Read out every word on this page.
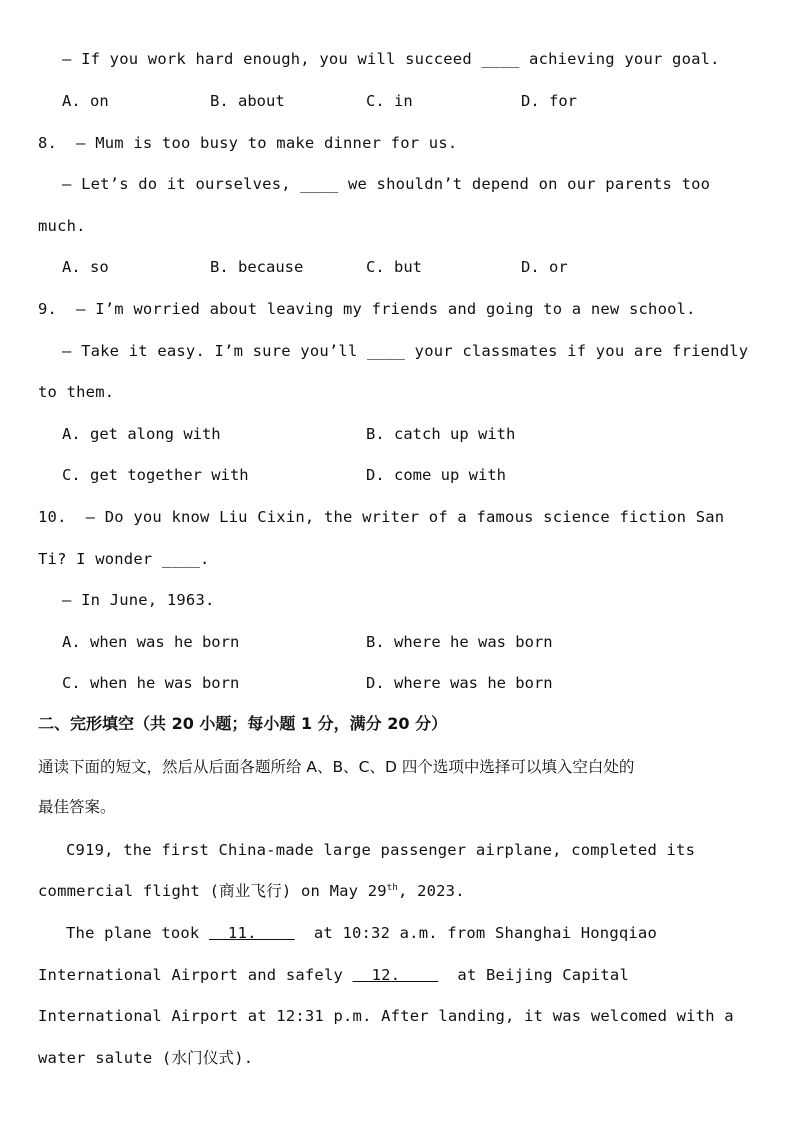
— If you work hard enough, you will succeed ____ achieving your goal.
A. on	B. about	C. in	D. for
8.  — Mum is too busy to make dinner for us.
— Let’s do it ourselves, ____ we shouldn’t depend on our parents too
much.
A. so	B. because	C. but	D. or
9.  — I’m worried about leaving my friends and going to a new school.
— Take it easy. I’m sure you’ll ____ your classmates if you are friendly
to them.
A. get along with	B. catch up with
C. get together with	D. come up with
10.  — Do you know Liu Cixin, the writer of a famous science fiction San
Ti? I wonder ____.
— In June, 1963.
A. when was he born	B. where he was born
C. when he was born	D. where was he born
二、完形填空（共 20 小题；每小题 1 分，满分 20 分）
通读下面的短文，然后从后面各题所给 A、B、C、D 四个选项中选择可以填入空白处的
最佳答案。
C919, the first China-made large passenger airplane, completed its
commercial flight (商业飞行) on May 29th, 2023.
The plane took   11.      at 10:32 a.m. from Shanghai Hongqiao
International Airport and safely   12.      at Beijing Capital
International Airport at 12:31 p.m. After landing, it was welcomed with a
water salute (水门仪式).
